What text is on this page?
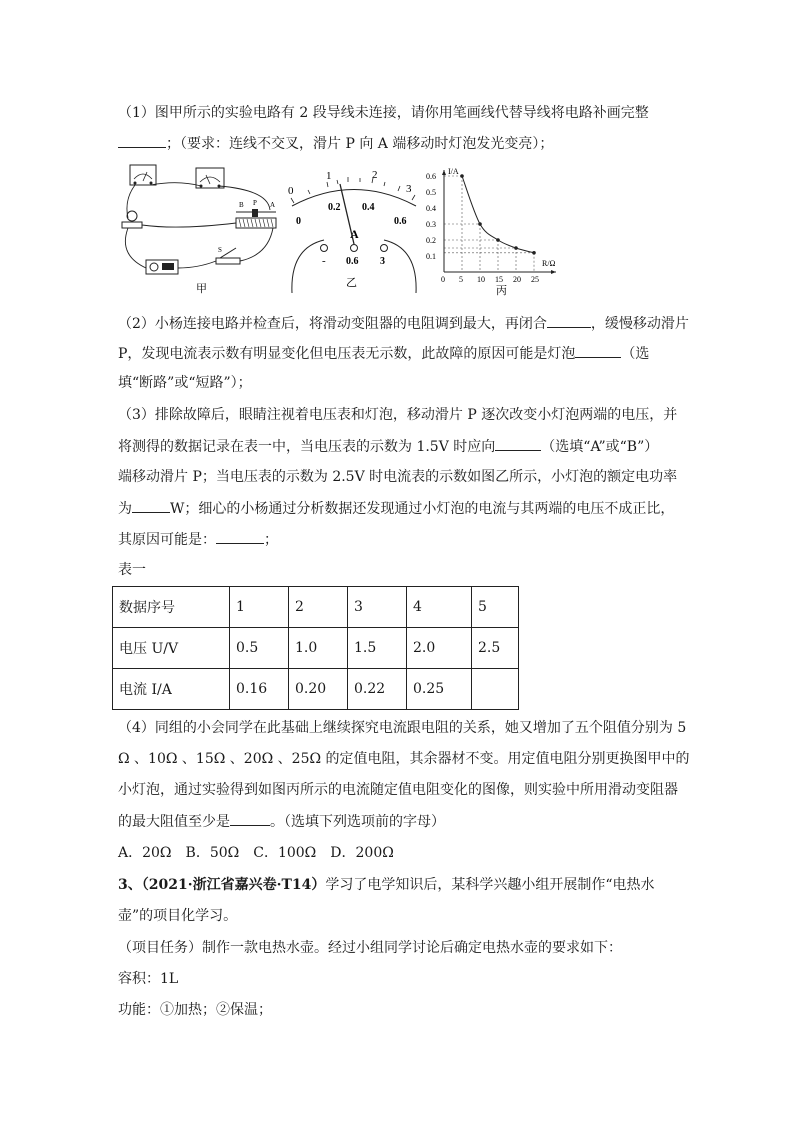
（1）图甲所示的实验电路有 2 段导线未连接，请你用笔画线代替导线将电路补画完整
；（要求：连线不交叉，滑片 P 向 A 端移动时灯泡发光变亮）；
B P A
S
甲
0
1	2
3
0
0.2 0.4
0.6
A
- 0.6 3
乙
I/A
R/Ω
0.6
0.5
0.4
0.3
0.2
0.1
0 5 10 15 20 25
丙
（2）小杨连接电路并检查后，将滑动变阻器的电阻调到最大，再闭合	，缓慢移动滑片
P，发现电流表示数有明显变化但电压表无示数，此故障的原因可能是灯泡	（选
填“断路”或“短路”）；
（3）排除故障后，眼睛注视着电压表和灯泡，移动滑片 P 逐次改变小灯泡两端的电压，并
将测得的数据记录在表一中，当电压表的示数为 1.5V 时应向	（选填“A”或“B”）
端移动滑片 P；当电压表的示数为 2.5V 时电流表的示数如图乙所示，小灯泡的额定电功率
为	W；细心的小杨通过分析数据还发现通过小灯泡的电流与其两端的电压不成正比，
其原因可能是：	；
表一
数据序号	1	2	3	4	5
电压 U/V	0.5	1.0	1.5	2.0	2.5
电流 I/A	0.16	0.20	0.22	0.25	
（4）同组的小会同学在此基础上继续探究电流跟电阻的关系，她又增加了五个阻值分别为 5
Ω 、10Ω 、15Ω 、20Ω 、25Ω 的定值电阻，其余器材不变。用定值电阻分别更换图甲中的
小灯泡，通过实验得到如图丙所示的电流随定值电阻变化的图像，则实验中所用滑动变阻器
的最大阻值至少是	。（选填下列选项前的字母）
A．20Ω　B．50Ω　C．100Ω　D．200Ω
3、（2021·浙江省嘉兴卷·T14）学习了电学知识后，某科学兴趣小组开展制作“电热水
壶”的项目化学习。
（项目任务）制作一款电热水壶。经过小组同学讨论后确定电热水壶的要求如下：
容积：1L
功能：①加热；②保温；
